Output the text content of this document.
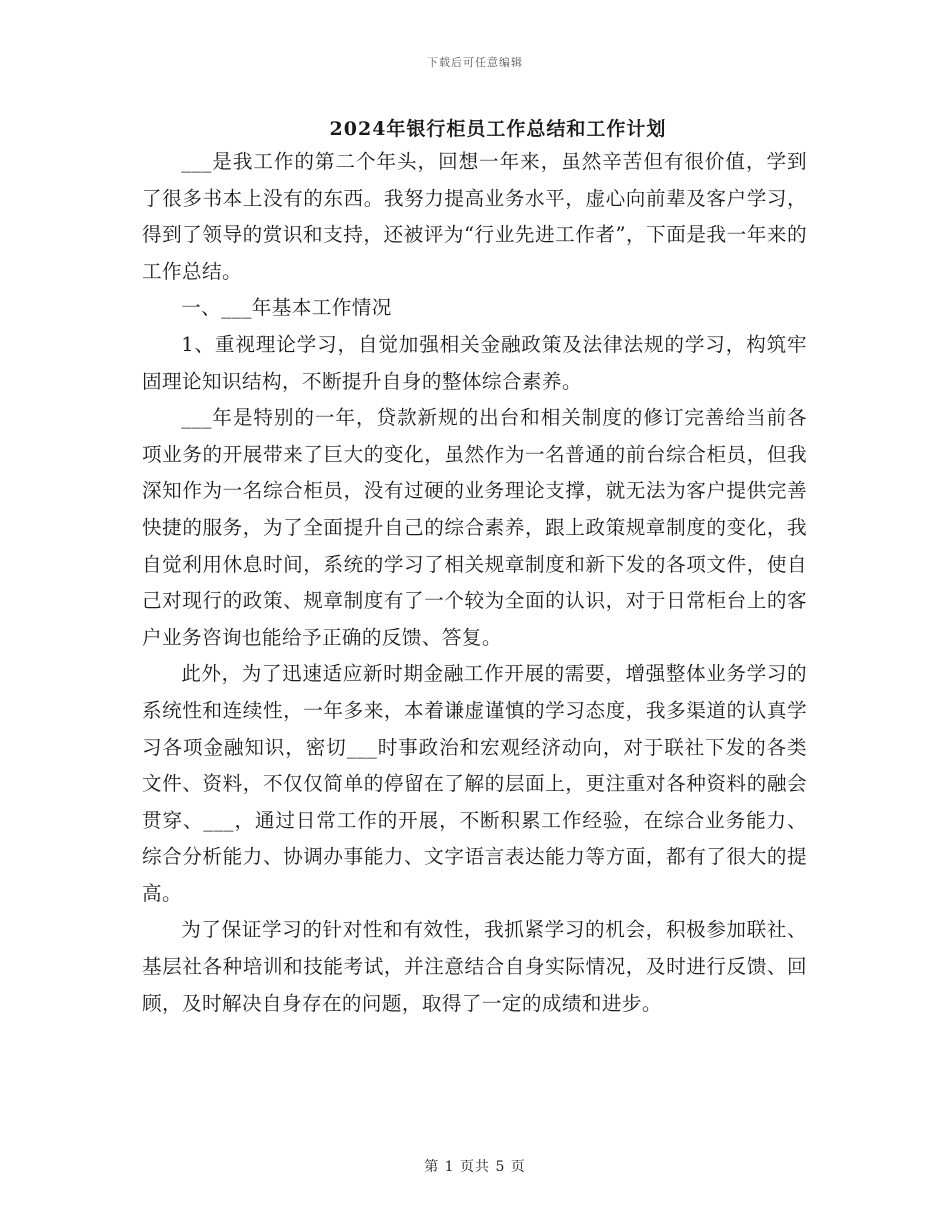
下载后可任意编辑
2024年银行柜员工作总结和工作计划

___是我工作的第二个年头，回想一年来，虽然辛苦但有很价值，学到了很多书本上没有的东西。我努力提高业务水平，虚心向前辈及客户学习，得到了领导的赏识和支持，还被评为“行业先进工作者”，下面是我一年来的工作总结。

一、___年基本工作情况

1、重视理论学习，自觉加强相关金融政策及法律法规的学习，构筑牢固理论知识结构，不断提升自身的整体综合素养。

___年是特别的一年，贷款新规的出台和相关制度的修订完善给当前各项业务的开展带来了巨大的变化，虽然作为一名普通的前台综合柜员，但我深知作为一名综合柜员，没有过硬的业务理论支撑，就无法为客户提供完善快捷的服务，为了全面提升自己的综合素养，跟上政策规章制度的变化，我自觉利用休息时间，系统的学习了相关规章制度和新下发的各项文件，使自己对现行的政策、规章制度有了一个较为全面的认识，对于日常柜台上的客户业务咨询也能给予正确的反馈、答复。

此外，为了迅速适应新时期金融工作开展的需要，增强整体业务学习的系统性和连续性，一年多来，本着谦虚谨慎的学习态度，我多渠道的认真学习各项金融知识，密切___时事政治和宏观经济动向，对于联社下发的各类文件、资料，不仅仅简单的停留在了解的层面上，更注重对各种资料的融会贯穿、___，通过日常工作的开展，不断积累工作经验，在综合业务能力、综合分析能力、协调办事能力、文字语言表达能力等方面，都有了很大的提高。

为了保证学习的针对性和有效性，我抓紧学习的机会，积极参加联社、基层社各种培训和技能考试，并注意结合自身实际情况，及时进行反馈、回顾，及时解决自身存在的问题，取得了一定的成绩和进步。

第 1 页共 5 页
